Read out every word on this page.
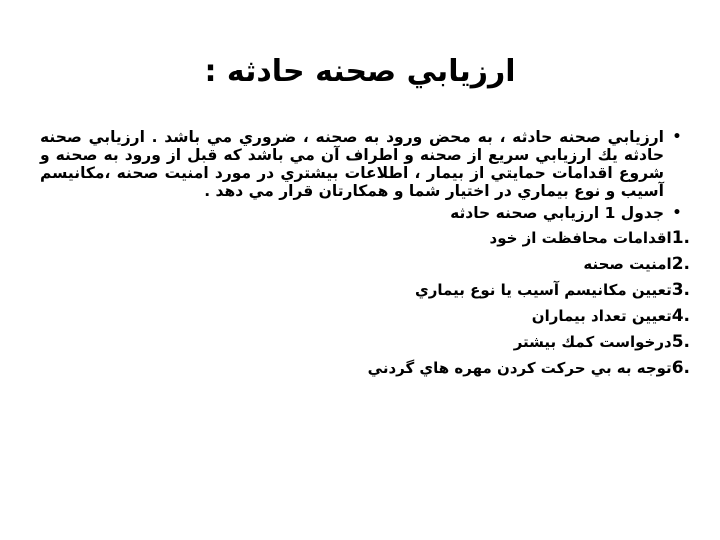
ارزيابي صحنه حادثه :
•
ارزيابي صحنه حادثه ، به محض ورود به صحنه ، ضروري مي باشد . ارزيابي صحنه حادثه يك ارزيابي سريع از صحنه و اطراف آن مي باشد كه قبل از ورود به صحنه و شروع اقدامات حمايتي از بيمار ، اطلاعات بيشتري در مورد امنيت صحنه ،مكانيسم آسيب و نوع بيماري در اختيار شما و همكارتان قرار مي دهد .
•
جدول 1 ارزيابي صحنه حادثه
1.
اقدامات محافظت از خود
2.
امنيت صحنه
3.
تعيين مكانيسم آسيب يا نوع بيماري
4.
تعيين تعداد بيماران
5.
درخواست كمك بيشتر
6.
توجه به بي حركت كردن مهره هاي گردني
